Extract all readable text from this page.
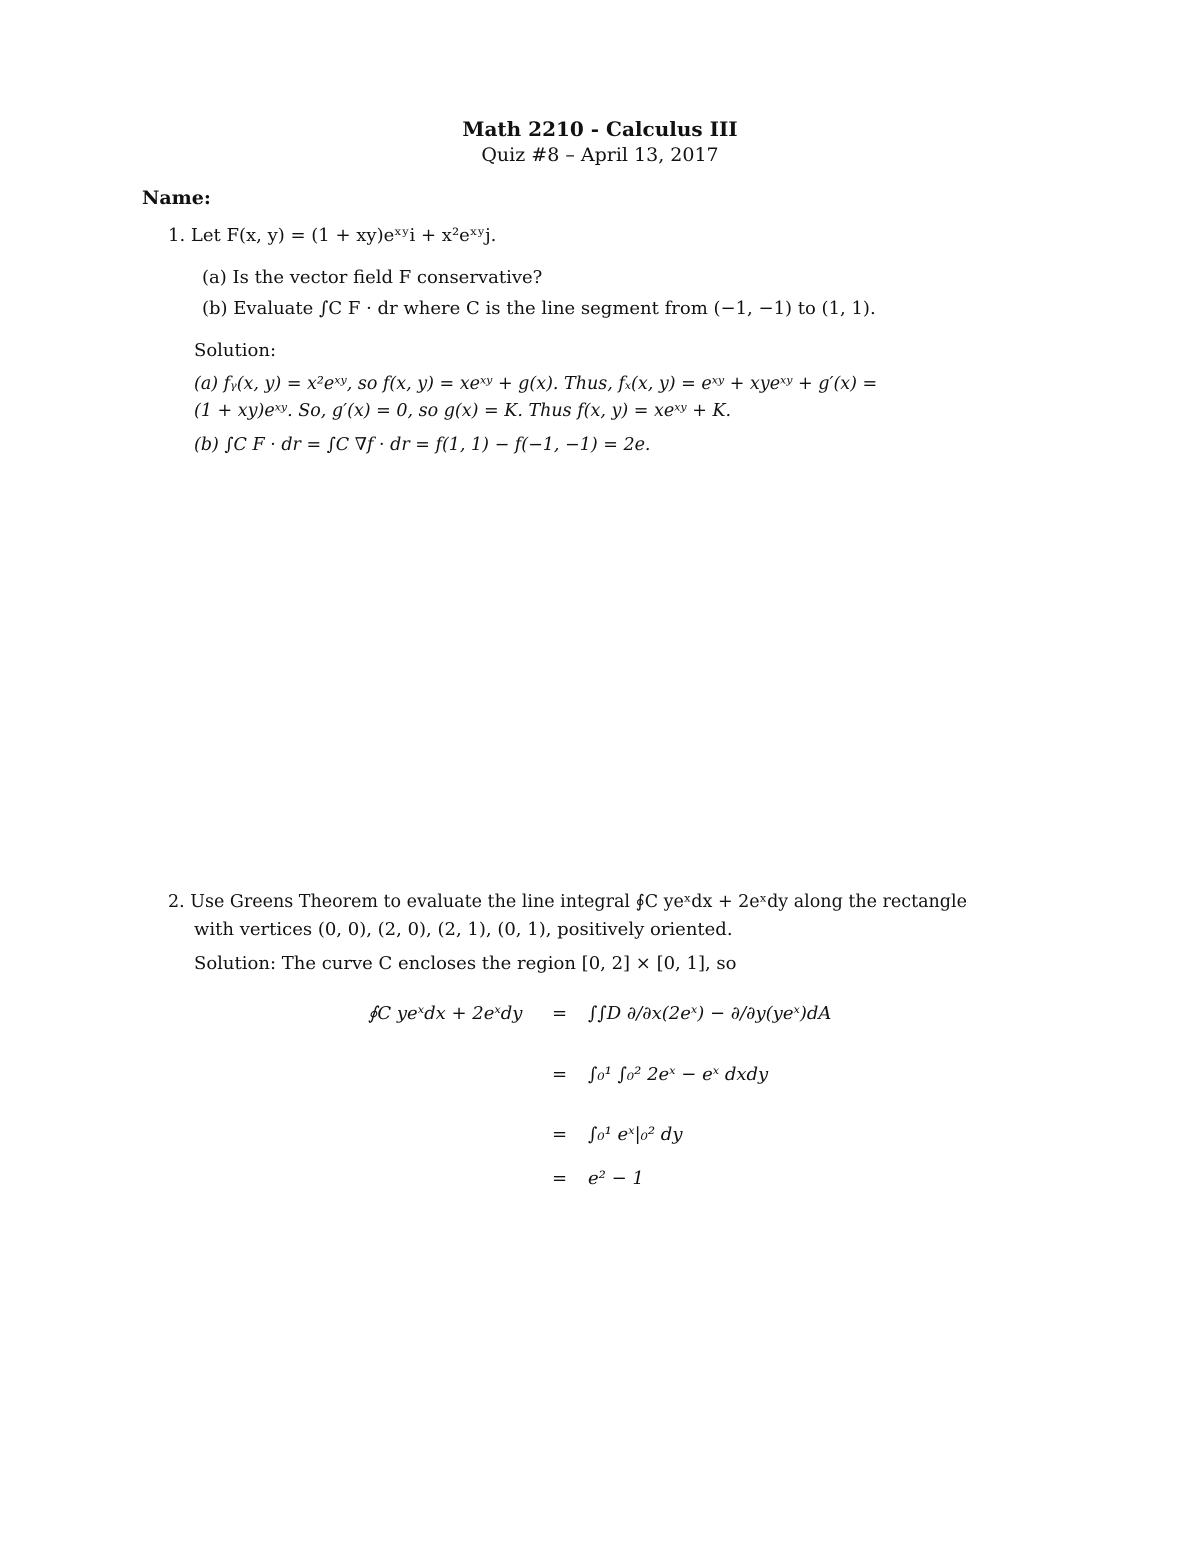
Math 2210 - Calculus III
Quiz #8 – April 13, 2017
Name:
1. Let F(x, y) = (1 + xy)eˣʸi + x²eˣʸj.
(a) Is the vector field F conservative?
(b) Evaluate ∫C F · dr where C is the line segment from (−1, −1) to (1, 1).
Solution:
(a) fᵧ(x, y) = x²eˣʸ, so f(x, y) = xeˣʸ + g(x). Thus, fₓ(x, y) = eˣʸ + xyeˣʸ + g′(x) =
(1 + xy)eˣʸ. So, g′(x) = 0, so g(x) = K. Thus f(x, y) = xeˣʸ + K.
(b) ∫C F · dr = ∫C ∇f · dr = f(1, 1) − f(−1, −1) = 2e.
2. Use Greens Theorem to evaluate the line integral ∮C yeˣdx + 2eˣdy along the rectangle
with vertices (0, 0), (2, 0), (2, 1), (0, 1), positively oriented.
Solution: The curve C encloses the region [0, 2] × [0, 1], so
∮C yeˣdx + 2eˣdy = ∫∫D ∂/∂x(2eˣ) − ∂/∂y(yeˣ)dA
= ∫₀¹ ∫₀² 2eˣ − eˣ dxdy
= ∫₀¹ eˣ|₀² dy
= e² − 1
